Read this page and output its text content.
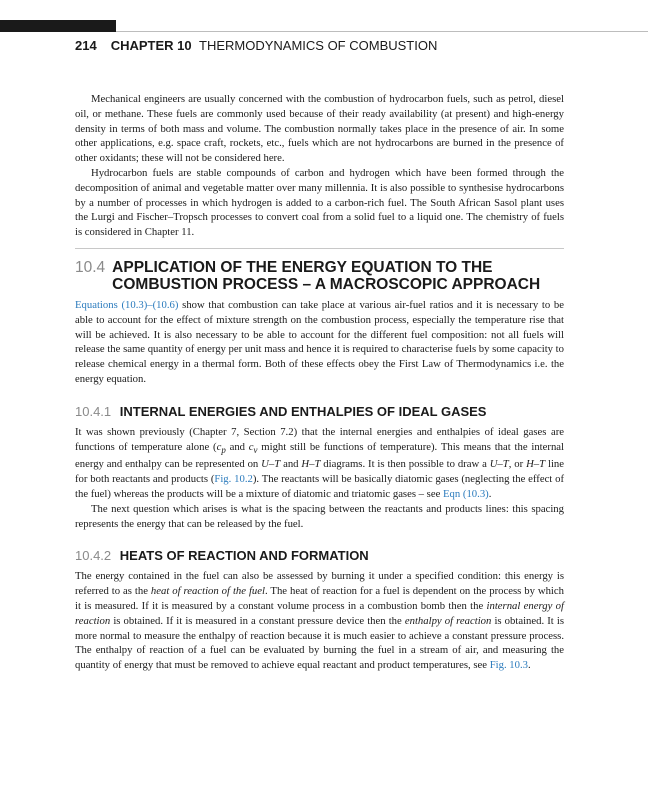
214 CHAPTER 10 THERMODYNAMICS OF COMBUSTION

Mechanical engineers are usually concerned with the combustion of hydrocarbon fuels, such as petrol, diesel oil, or methane. These fuels are commonly used because of their ready availability (at present) and high-energy density in terms of both mass and volume. The combustion normally takes place in the presence of air. In some other applications, e.g. space craft, rockets, etc., fuels which are not hydrocarbons are burned in the presence of other oxidants; these will not be considered here.

Hydrocarbon fuels are stable compounds of carbon and hydrogen which have been formed through the decomposition of animal and vegetable matter over many millennia. It is also possible to synthesise hydrocarbons by a number of processes in which hydrogen is added to a carbon-rich fuel. The South African Sasol plant uses the Lurgi and Fischer–Tropsch processes to convert coal from a solid fuel to a liquid one. The chemistry of fuels is considered in Chapter 11.

10.4 APPLICATION OF THE ENERGY EQUATION TO THE COMBUSTION PROCESS – A MACROSCOPIC APPROACH

Equations (10.3)–(10.6) show that combustion can take place at various air-fuel ratios and it is necessary to be able to account for the effect of mixture strength on the combustion process, especially the temperature rise that will be achieved. It is also necessary to be able to account for the different fuel composition: not all fuels will release the same quantity of energy per unit mass and hence it is required to characterise fuels by some capacity to release chemical energy in a thermal form. Both of these effects obey the First Law of Thermodynamics i.e. the energy equation.

10.4.1 INTERNAL ENERGIES AND ENTHALPIES OF IDEAL GASES

It was shown previously (Chapter 7, Section 7.2) that the internal energies and enthalpies of ideal gases are functions of temperature alone ($c_p$ and $c_v$ might still be functions of temperature). This means that the internal energy and enthalpy can be represented on U–T and H–T diagrams. It is then possible to draw a U–T, or H–T line for both reactants and products (Fig. 10.2). The reactants will be basically diatomic gases (neglecting the effect of the fuel) whereas the products will be a mixture of diatomic and triatomic gases – see Eqn (10.3).

The next question which arises is what is the spacing between the reactants and products lines: this spacing represents the energy that can be released by the fuel.

10.4.2 HEATS OF REACTION AND FORMATION

The energy contained in the fuel can also be assessed by burning it under a specified condition: this energy is referred to as the heat of reaction of the fuel. The heat of reaction for a fuel is dependent on the process by which it is measured. If it is measured by a constant volume process in a combustion bomb then the internal energy of reaction is obtained. If it is measured in a constant pressure device then the enthalpy of reaction is obtained. It is more normal to measure the enthalpy of reaction because it is much easier to achieve a constant pressure process. The enthalpy of reaction of a fuel can be evaluated by burning the fuel in a stream of air, and measuring the quantity of energy that must be removed to achieve equal reactant and product temperatures, see Fig. 10.3.
